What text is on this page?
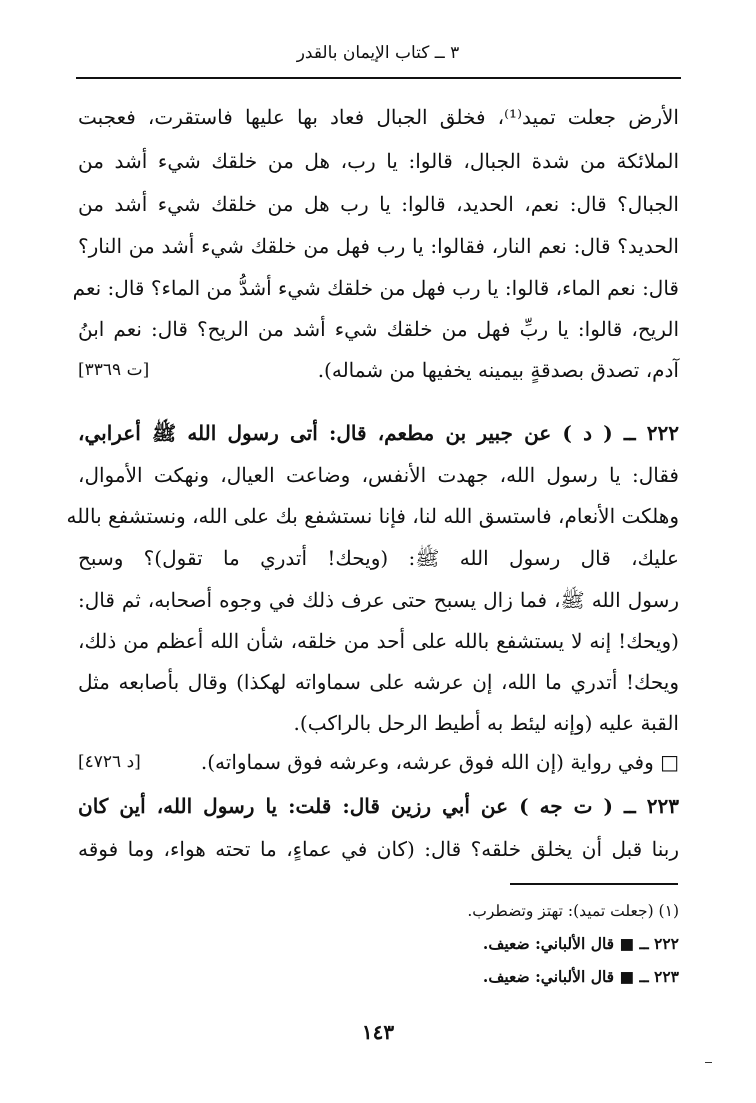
٣ ــ كتاب الإيمان بالقدر
الأرض جعلت تميد⁽¹⁾، فخلق الجبال فعاد بها عليها فاستقرت، فعجبت
الملائكة من شدة الجبال، قالوا: يا رب، هل من خلقك شيء أشد من
الجبال؟ قال: نعم، الحديد، قالوا: يا رب هل من خلقك شيء أشد من
الحديد؟ قال: نعم النار، فقالوا: يا رب فهل من خلقك شيء أشد من النار؟
قال: نعم الماء، قالوا: يا رب فهل من خلقك شيء أشدُّ من الماء؟ قال: نعم
الريح، قالوا: يا ربِّ فهل من خلقك شيء أشد من الريح؟ قال: نعم ابنُ
آدم، تصدق بصدقةٍ بيمينه يخفيها من شماله).
[ت ٣٣٦٩]
٢٢٢ ــ ( د ) عن جبير بن مطعم، قال: أتى رسول الله ﷺ أعرابي،
فقال: يا رسول الله، جهدت الأنفس، وضاعت العيال، ونهكت الأموال،
وهلكت الأنعام، فاستسق الله لنا، فإنا نستشفع بك على الله، ونستشفع بالله
عليك، قال رسول الله ﷺ: (ويحك! أتدري ما تقول)؟ وسبح
رسول الله ﷺ، فما زال يسبح حتى عرف ذلك في وجوه أصحابه، ثم قال:
(ويحك! إنه لا يستشفع بالله على أحد من خلقه، شأن الله أعظم من ذلك،
ويحك! أتدري ما الله، إن عرشه على سماواته لهكذا) وقال بأصابعه مثل
القبة عليه (وإنه ليئط به أطيط الرحل بالراكب).
□ وفي رواية (إن الله فوق عرشه، وعرشه فوق سماواته).
[د ٤٧٢٦]
٢٢٣ ــ ( ت جه ) عن أبي رزين قال: قلت: يا رسول الله، أين كان
ربنا قبل أن يخلق خلقه؟ قال: (كان في عماءٍ، ما تحته هواء، وما فوقه
(١) (جعلت تميد): تهتز وتضطرب.
٢٢٢ ــ ■ قال الألباني: ضعيف.
٢٢٣ ــ ■ قال الألباني: ضعيف.
١٤٣
